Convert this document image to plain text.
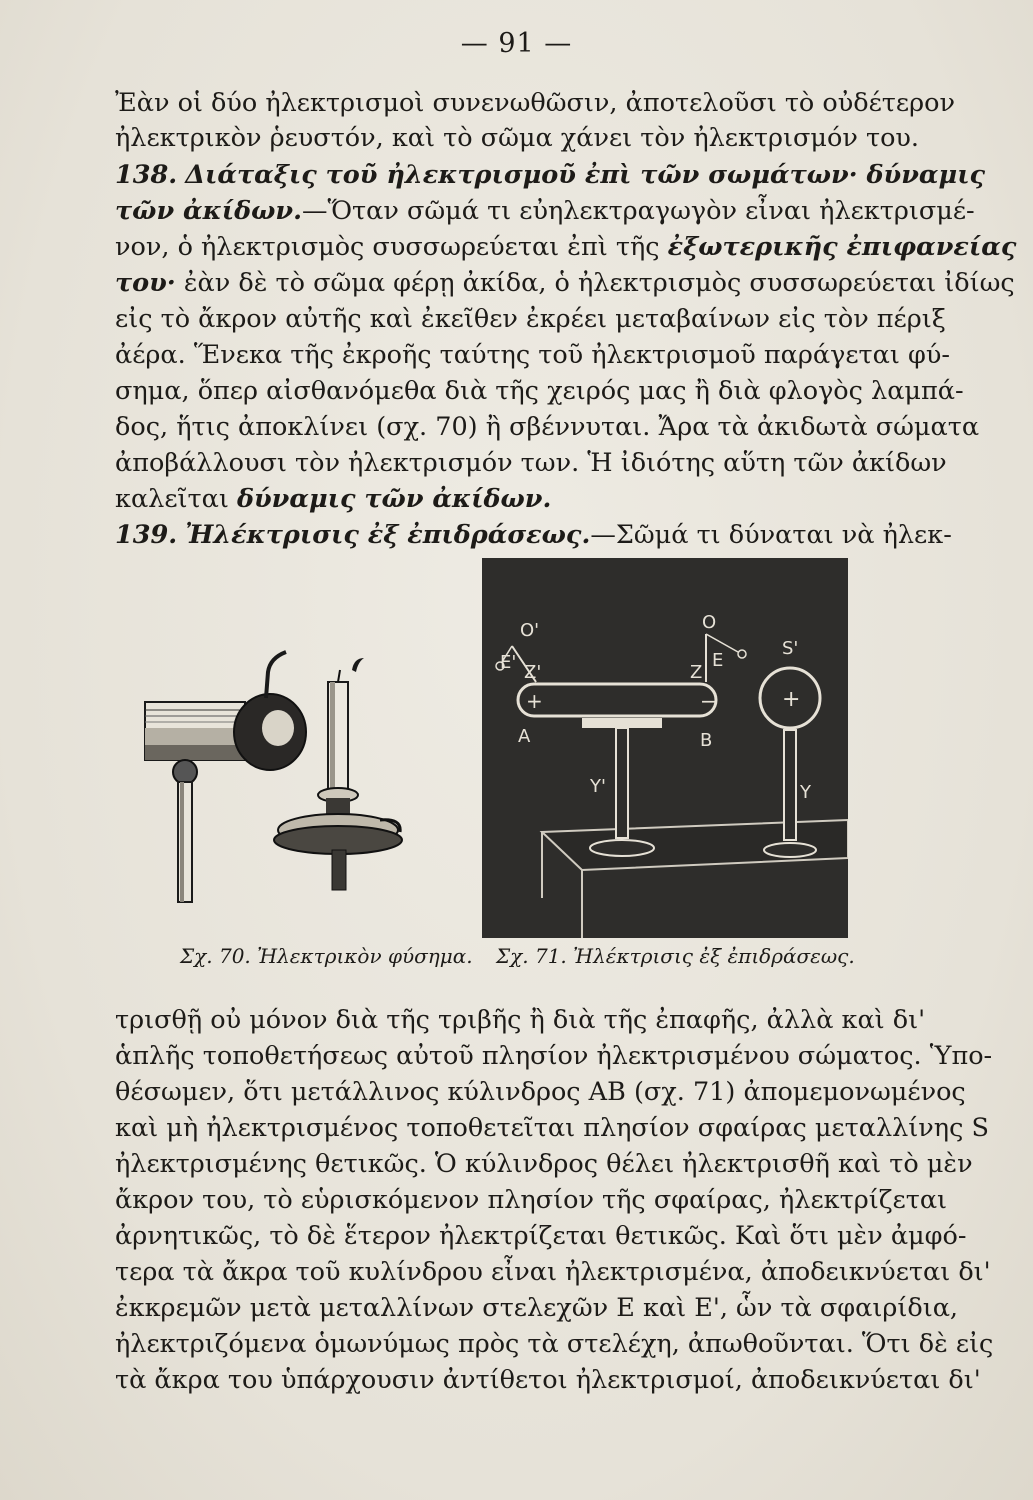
— 91 —
Ἐὰν οἱ δύο ἠλεκτρισμοὶ συνενωθῶσιν, ἀποτελοῦσι τὸ οὐδέτερον
ἠλεκτρικὸν ῥευστόν, καὶ τὸ σῶμα χάνει τὸν ἠλεκτρισμόν του.
138. Διάταξις τοῦ ἠλεκτρισμοῦ ἐπὶ τῶν σωμάτων· δύναμις
τῶν ἀκίδων.—Ὅταν σῶμά τι εὐηλεκτραγωγὸν εἶναι ἠλεκτρισμέ-
νον, ὁ ἠλεκτρισμὸς συσσωρεύεται ἐπὶ τῆς ἐξωτερικῆς ἐπιφανείας
του· ἐὰν δὲ τὸ σῶμα φέρῃ ἀκίδα, ὁ ἠλεκτρισμὸς συσσωρεύεται ἰδίως
εἰς τὸ ἄκρον αὐτῆς καὶ ἐκεῖθεν ἐκρέει μεταβαίνων εἰς τὸν πέριξ
ἀέρα. Ἕνεκα τῆς ἐκροῆς ταύτης τοῦ ἠλεκτρισμοῦ παράγεται φύ-
σημα, ὅπερ αἰσθανόμεθα διὰ τῆς χειρός μας ἢ διὰ φλογὸς λαμπά-
δος, ἥτις ἀποκλίνει (σχ. 70) ἢ σβέννυται. Ἄρα τὰ ἀκιδωτὰ σώματα
ἀποβάλλουσι τὸν ἠλεκτρισμόν των. Ἡ ἰδιότης αὕτη τῶν ἀκίδων
καλεῖται δύναμις τῶν ἀκίδων.
139. Ἠλέκτρισις ἐξ ἐπιδράσεως.—Σῶμά τι δύναται νὰ ἠλεκ-
+	−	+
O'
E' Z'
O
E
Z
S'
A	B
Y'	Y
Σχ. 70. Ἠλεκτρικὸν φύσημα. Σχ. 71. Ἠλέκτρισις ἐξ ἐπιδράσεως.
τρισθῇ οὐ μόνον διὰ τῆς τριβῆς ἢ διὰ τῆς ἐπαφῆς, ἀλλὰ καὶ δι'
ἁπλῆς τοποθετήσεως αὐτοῦ πλησίον ἠλεκτρισμένου σώματος. Ὑπο-
θέσωμεν, ὅτι μετάλλινος κύλινδρος ΑΒ (σχ. 71) ἀπομεμονωμένος
καὶ μὴ ἠλεκτρισμένος τοποθετεῖται πλησίον σφαίρας μεταλλίνης S
ἠλεκτρισμένης θετικῶς. Ὁ κύλινδρος θέλει ἠλεκτρισθῆ καὶ τὸ μὲν
ἄκρον του, τὸ εὑρισκόμενον πλησίον τῆς σφαίρας, ἠλεκτρίζεται
ἀρνητικῶς, τὸ δὲ ἕτερον ἠλεκτρίζεται θετικῶς. Καὶ ὅτι μὲν ἀμφό-
τερα τὰ ἄκρα τοῦ κυλίνδρου εἶναι ἠλεκτρισμένα, ἀποδεικνύεται δι'
ἐκκρεμῶν μετὰ μεταλλίνων στελεχῶν Ε καὶ Ε', ὧν τὰ σφαιρίδια,
ἠλεκτριζόμενα ὁμωνύμως πρὸς τὰ στελέχη, ἀπωθοῦνται. Ὅτι δὲ εἰς
τὰ ἄκρα του ὑπάρχουσιν ἀντίθετοι ἠλεκτρισμοί, ἀποδεικνύεται δι'
